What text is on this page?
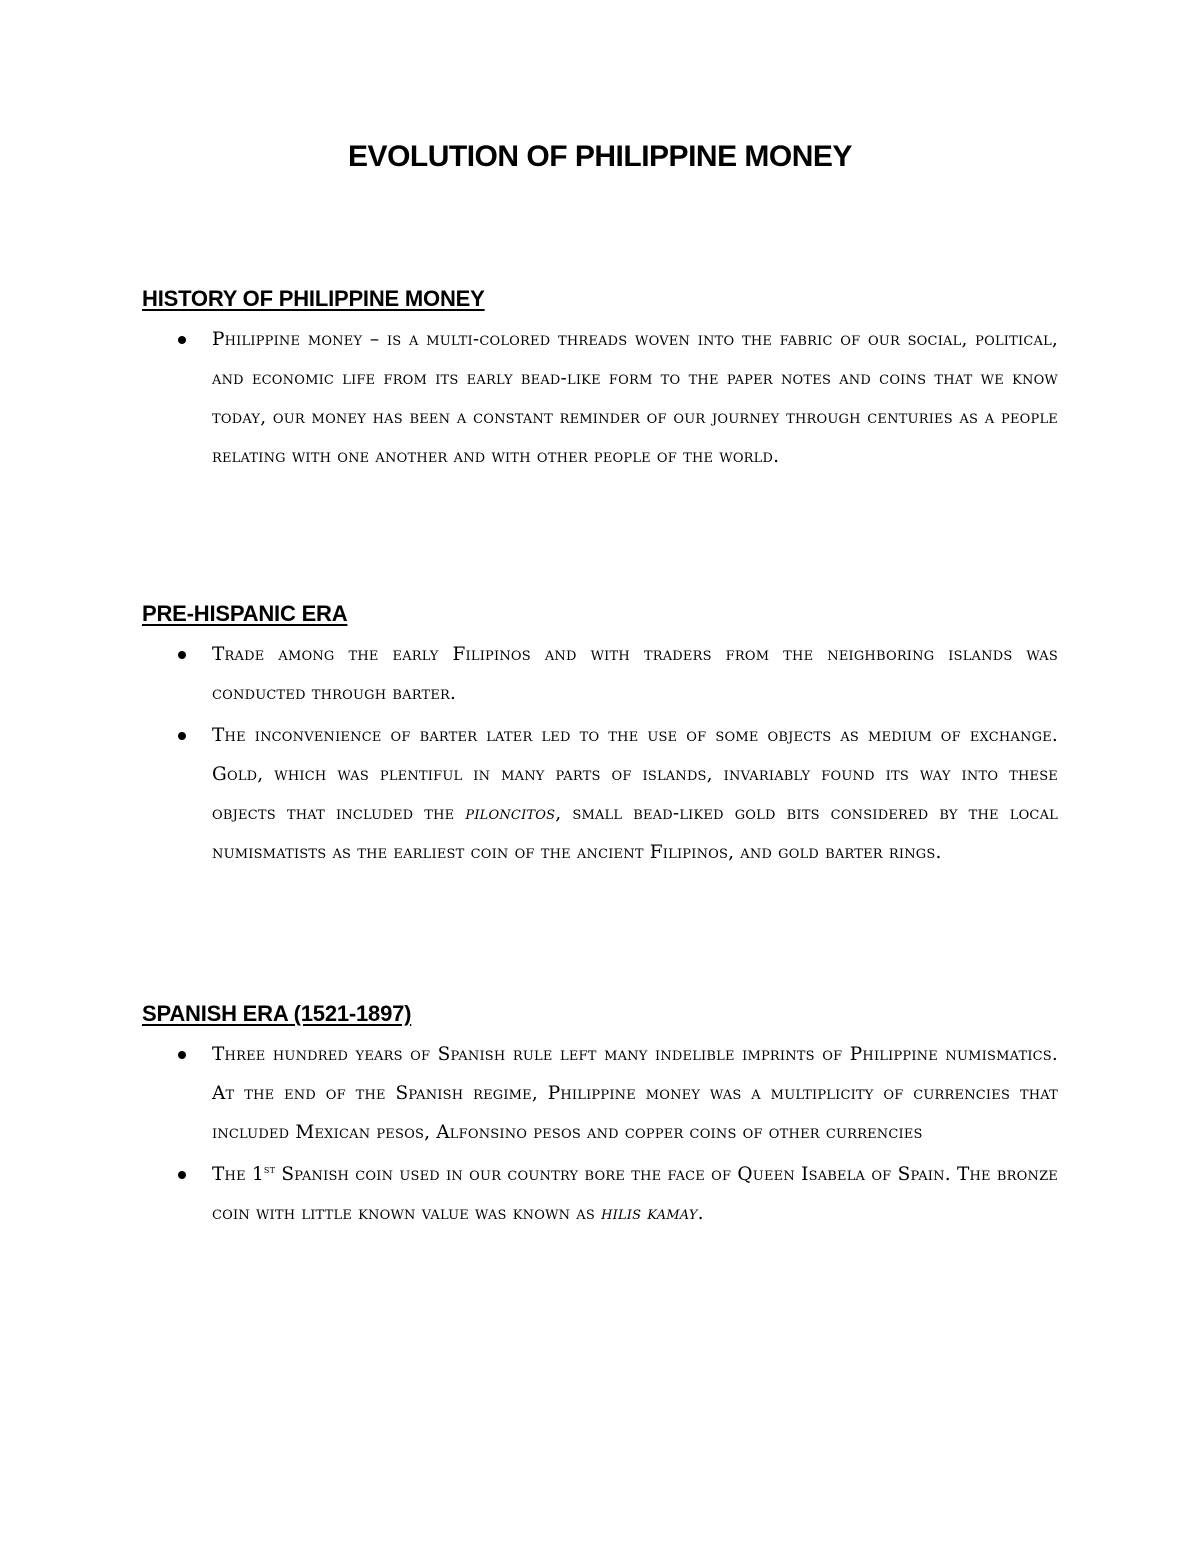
EVOLUTION OF PHILIPPINE MONEY
HISTORY OF PHILIPPINE MONEY

Philippine money – is a multi-colored threads woven into the fabric of our social, political, and economic life from its early bead-like form to the paper notes and coins that we know today, our money has been a constant reminder of our journey through centuries as a people relating with one another and with other people of the world.

PRE-HISPANIC ERA

Trade among the early Filipinos and with traders from the neighboring islands was conducted through barter.

The inconvenience of barter later led to the use of some objects as medium of exchange. Gold, which was plentiful in many parts of islands, invariably found its way into these objects that included the piloncitos, small bead-liked gold bits considered by the local numismatists as the earliest coin of the ancient Filipinos, and gold barter rings.

SPANISH ERA (1521-1897)

Three hundred years of Spanish rule left many indelible imprints of Philippine numismatics. At the end of the Spanish regime, Philippine money was a multiplicity of currencies that included Mexican pesos, Alfonsino pesos and copper coins of other currencies

The 1st Spanish coin used in our country bore the face of Queen Isabela of Spain. The bronze coin with little known value was known as hilis kamay.
